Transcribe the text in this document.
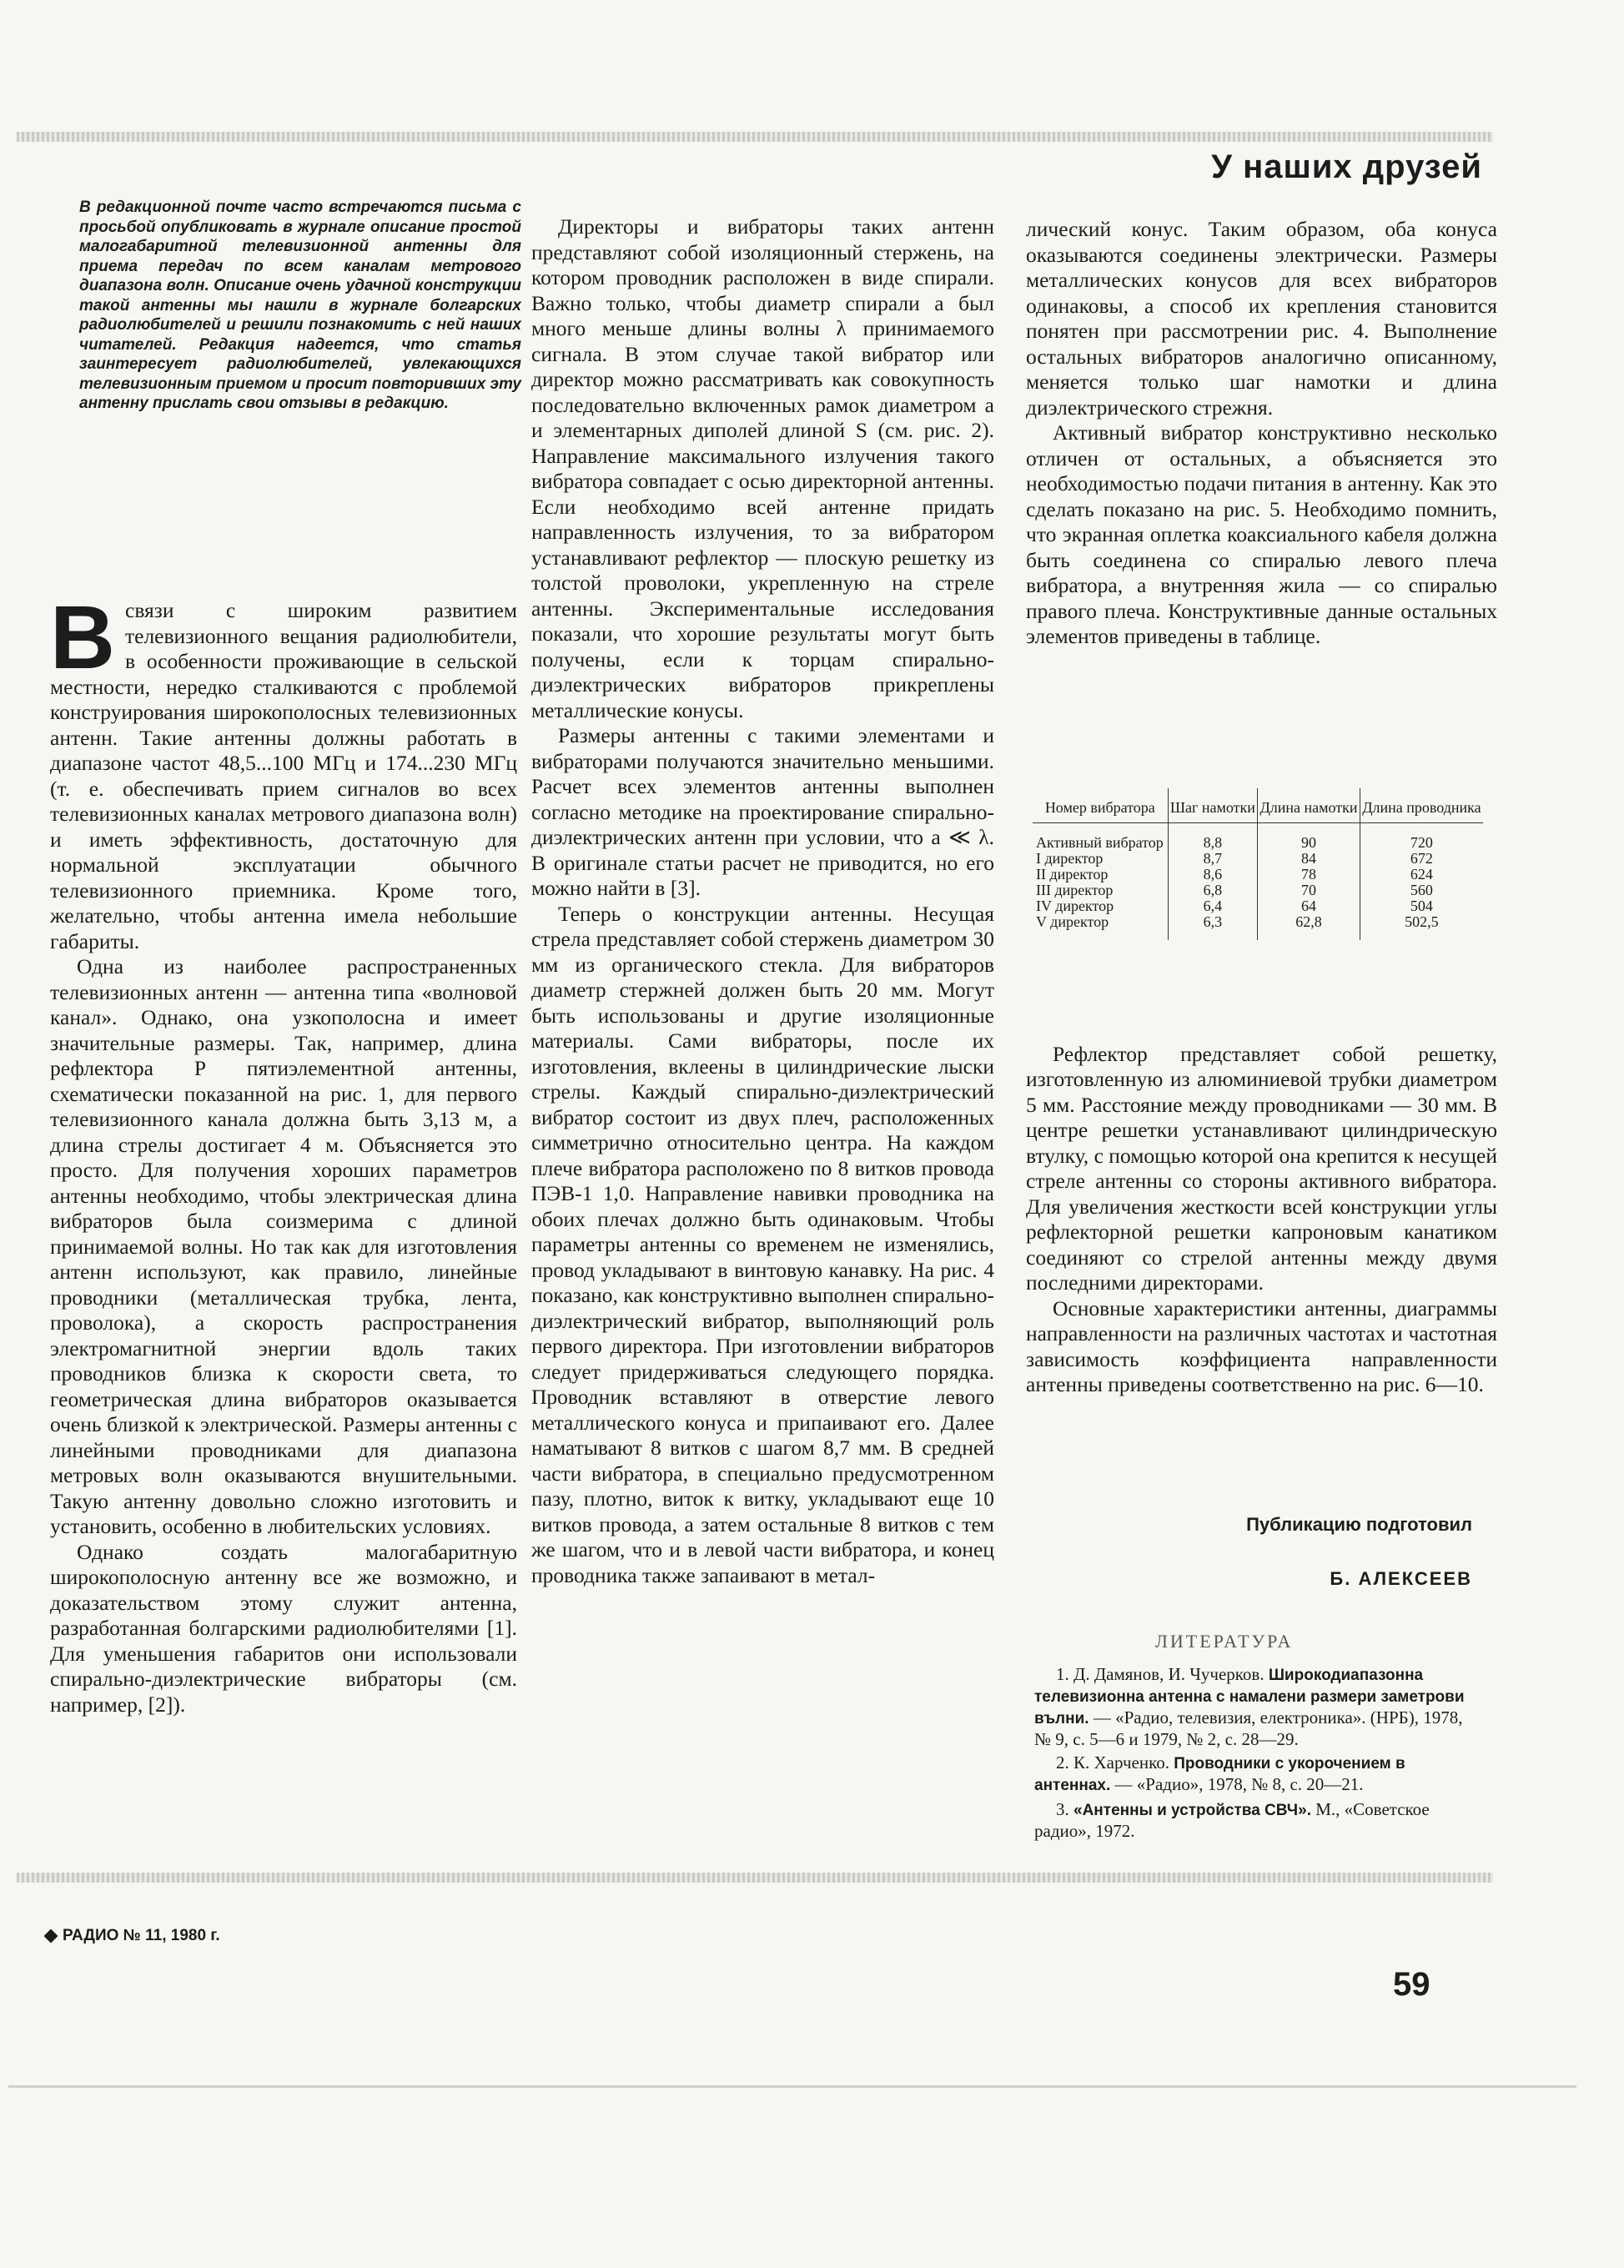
У наших друзей
В редакционной почте часто встречаются письма с просьбой опубликовать в журнале описание простой малогабаритной телевизионной антенны для приема передач по всем каналам метрового диапазона волн. Описание очень удачной конструкции такой антенны мы нашли в журнале болгарских радиолюбителей и решили познакомить с ней наших читателей. Редакция надеется, что статья заинтересует радиолюбителей, увлекающихся телевизионным приемом и просит повторивших эту антенну прислать свои отзывы в редакцию.

Всвязи с широким развитием телевизионного вещания радиолюбители, в особенности проживающие в сельской местности, нередко сталкиваются с проблемой конструирования широкополосных телевизионных антенн. Такие антенны должны работать в диапазоне частот 48,5...100 МГц и 174...230 МГц (т. е. обеспечивать прием сигналов во всех телевизионных каналах метрового диапазона волн) и иметь эффективность, достаточную для нормальной эксплуатации обычного телевизионного приемника. Кроме того, желательно, чтобы антенна имела небольшие габариты.

Одна из наиболее распространенных телевизионных антенн — антенна типа «волновой канал». Однако, она узкополосна и имеет значительные размеры. Так, например, длина рефлектора Р пятиэлементной антенны, схематически показанной на рис. 1, для первого телевизионного канала должна быть 3,13 м, а длина стрелы достигает 4 м. Объясняется это просто. Для получения хороших параметров антенны необходимо, чтобы электрическая длина вибраторов была соизмерима с длиной принимаемой волны. Но так как для изготовления антенн используют, как правило, линейные проводники (металлическая трубка, лента, проволока), а скорость распространения электромагнитной энергии вдоль таких проводников близка к скорости света, то геометрическая длина вибраторов оказывается очень близкой к электрической. Размеры антенны с линейными проводниками для диапазона метровых волн оказываются внушительными. Такую антенну довольно сложно изготовить и установить, особенно в любительских условиях.

Однако создать малогабаритную широкополосную антенну все же возможно, и доказательством этому служит антенна, разработанная болгарскими радиолюбителями [1]. Для уменьшения габаритов они использовали спирально-диэлектрические вибраторы (см. например, [2]).

Директоры и вибраторы таких антенн представляют собой изоляционный стержень, на котором проводник расположен в виде спирали. Важно только, чтобы диаметр спирали a был много меньше длины волны λ принимаемого сигнала. В этом случае такой вибратор или директор можно рассматривать как совокупность последовательно включенных рамок диаметром a и элементарных диполей длиной S (см. рис. 2). Направление максимального излучения такого вибратора совпадает с осью директорной антенны. Если необходимо всей антенне придать направленность излучения, то за вибратором устанавливают рефлектор — плоскую решетку из толстой проволоки, укрепленную на стреле антенны. Экспериментальные исследования показали, что хорошие результаты могут быть получены, если к торцам спирально-диэлектрических вибраторов прикреплены металлические конусы.

Размеры антенны с такими элементами и вибраторами получаются значительно меньшими. Расчет всех элементов антенны выполнен согласно методике на проектирование спирально-диэлектрических антенн при условии, что a ≪ λ. В оригинале статьи расчет не приводится, но его можно найти в [3].

Теперь о конструкции антенны. Несущая стрела представляет собой стержень диаметром 30 мм из органического стекла. Для вибраторов диаметр стержней должен быть 20 мм. Могут быть использованы и другие изоляционные материалы. Сами вибраторы, после их изготовления, вклеены в цилиндрические лыски стрелы. Каждый спирально-диэлектрический вибратор состоит из двух плеч, расположенных симметрично относительно центра. На каждом плече вибратора расположено по 8 витков провода ПЭВ-1 1,0. Направление навивки проводника на обоих плечах должно быть одинаковым. Чтобы параметры антенны со временем не изменялись, провод укладывают в винтовую канавку. На рис. 4 показано, как конструктивно выполнен спирально-диэлектрический вибратор, выполняющий роль первого директора. При изготовлении вибраторов следует придерживаться следующего порядка. Проводник вставляют в отверстие левого металлического конуса и припаивают его. Далее наматывают 8 витков с шагом 8,7 мм. В средней части вибратора, в специально предусмотренном пазу, плотно, виток к витку, укладывают еще 10 витков провода, а затем остальные 8 витков с тем же шагом, что и в левой части вибратора, и конец проводника также запаивают в метал-

лический конус. Таким образом, оба конуса оказываются соединены электрически. Размеры металлических конусов для всех вибраторов одинаковы, а способ их крепления становится понятен при рассмотрении рис. 4. Выполнение остальных вибраторов аналогично описанному, меняется только шаг намотки и длина диэлектрического стрежня.

Активный вибратор конструктивно несколько отличен от остальных, а объясняется это необходимостью подачи питания в антенну. Как это сделать показано на рис. 5. Необходимо помнить, что экранная оплетка коаксиального кабеля должна быть соединена со спиралью левого плеча вибратора, а внутренняя жила — со спиралью правого плеча. Конструктивные данные остальных элементов приведены в таблице.

Рефлектор представляет собой решетку, изготовленную из алюминиевой трубки диаметром 5 мм. Расстояние между проводниками — 30 мм. В центре решетки устанавливают цилиндрическую втулку, с помощью которой она крепится к несущей стреле антенны со стороны активного вибратора. Для увеличения жесткости всей конструкции углы рефлекторной решетки капроновым канатиком соединяют со стрелой антенны между двумя последними директорами.

Основные характеристики антенны, диаграммы направленности на различных частотах и частотная зависимость коэффициента направленности антенны приведены соответственно на рис. 6—10.

Номер вибратора	Шаг намотки	Длина намотки	Длина проводника
Активный вибратор	8,8	90	720
I директор	8,7	84	672
II директор	8,6	78	624
III директор	6,8	70	560
IV директор	6,4	64	504
V директор	6,3	62,8	502,5
Публикацию подготовил
Б. АЛЕКСЕЕВ
ЛИТЕРАТУРА

1. Д. Дамянов, И. Чучерков. Широкодиапазонна телевизионна антенна с намалени размери заметрови вълни. — «Радио, телевизия, електроника». (НРБ), 1978, № 9, с. 5—6 и 1979, № 2, с. 28—29.

2. К. Харченко. Проводники с укорочением в антеннах. — «Радио», 1978, № 8, с. 20—21.

3. «Антенны и устройства СВЧ». М., «Советское радио», 1972.

РАДИО № 11, 1980 г.
59
